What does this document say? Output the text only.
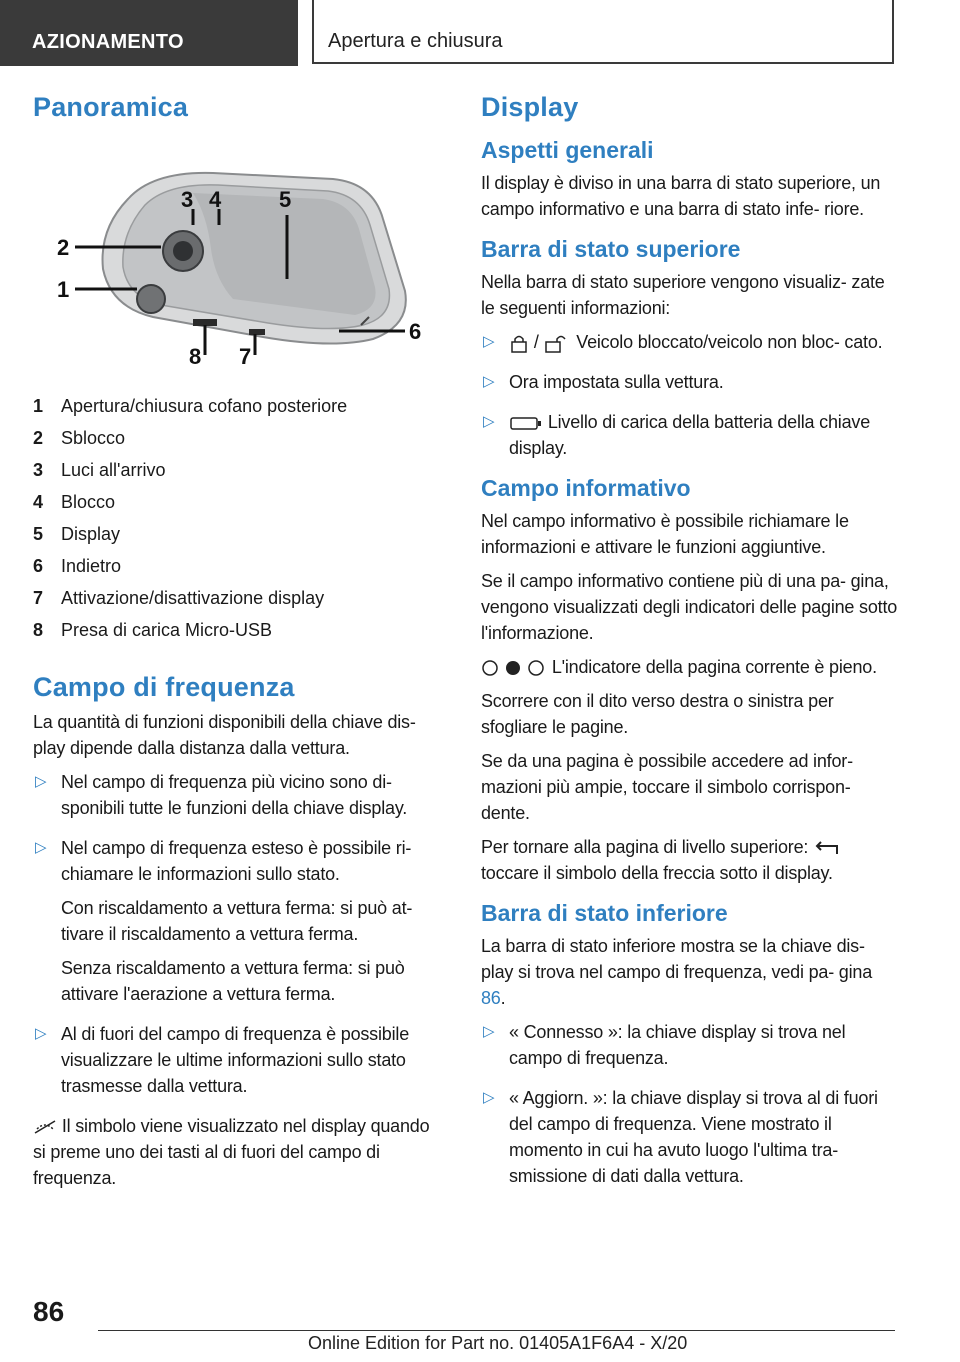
AZIONAMENTO	Apertura e chiusura
Panoramica
2
1
3 4	5
6
8 7
1 Apertura/chiusura cofano posteriore
2 Sblocco
3 Luci all'arrivo
4 Blocco
5 Display
6 Indietro
7 Attivazione/disattivazione display
8 Presa di carica Micro-USB
Campo di frequenza

La quantità di funzioni disponibili della chiave dis- play dipende dalla distanza dalla vettura.

▷ Nel campo di frequenza più vicino sono di- sponibili tutte le funzioni della chiave display.
▷ Nel campo di frequenza esteso è possibile ri- chiamare le informazioni sullo stato.

Con riscaldamento a vettura ferma: si può at- tivare il riscaldamento a vettura ferma.

Senza riscaldamento a vettura ferma: si può attivare l'aerazione a vettura ferma.

▷ Al di fuori del campo di frequenza è possibile visualizzare le ultime informazioni sullo stato trasmesse dalla vettura.

Il simbolo viene visualizzato nel display quando si preme uno dei tasti al di fuori del campo di frequenza.

Display
Aspetti generali

Il display è diviso in una barra di stato superiore, un campo informativo e una barra di stato infe- riore.

Barra di stato superiore

Nella barra di stato superiore vengono visualiz- zate le seguenti informazioni:

▷ / Veicolo bloccato/veicolo non bloc- cato.
▷ Ora impostata sulla vettura.
▷	Livello di carica della batteria della chiave display.
Campo informativo

Nel campo informativo è possibile richiamare le informazioni e attivare le funzioni aggiuntive.

Se il campo informativo contiene più di una pa- gina, vengono visualizzati degli indicatori delle pagine sotto l'informazione.

L'indicatore della pagina corrente è pieno.

Scorrere con il dito verso destra o sinistra per sfogliare le pagine.

Se da una pagina è possibile accedere ad infor- mazioni più ampie, toccare il simbolo corrispon- dente.

Per tornare alla pagina di livello superiore:  toccare il simbolo della freccia sotto il display.

Barra di stato inferiore

La barra di stato inferiore mostra se la chiave dis- play si trova nel campo di frequenza, vedi pa- gina 86.

▷ « Connesso »: la chiave display si trova nel campo di frequenza.
▷ « Aggiorn. »: la chiave display si trova al di fuori del campo di frequenza. Viene mostrato il momento in cui ha avuto luogo l'ultima tra- smissione di dati dalla vettura.
86
Online Edition for Part no. 01405A1F6A4 - X/20
